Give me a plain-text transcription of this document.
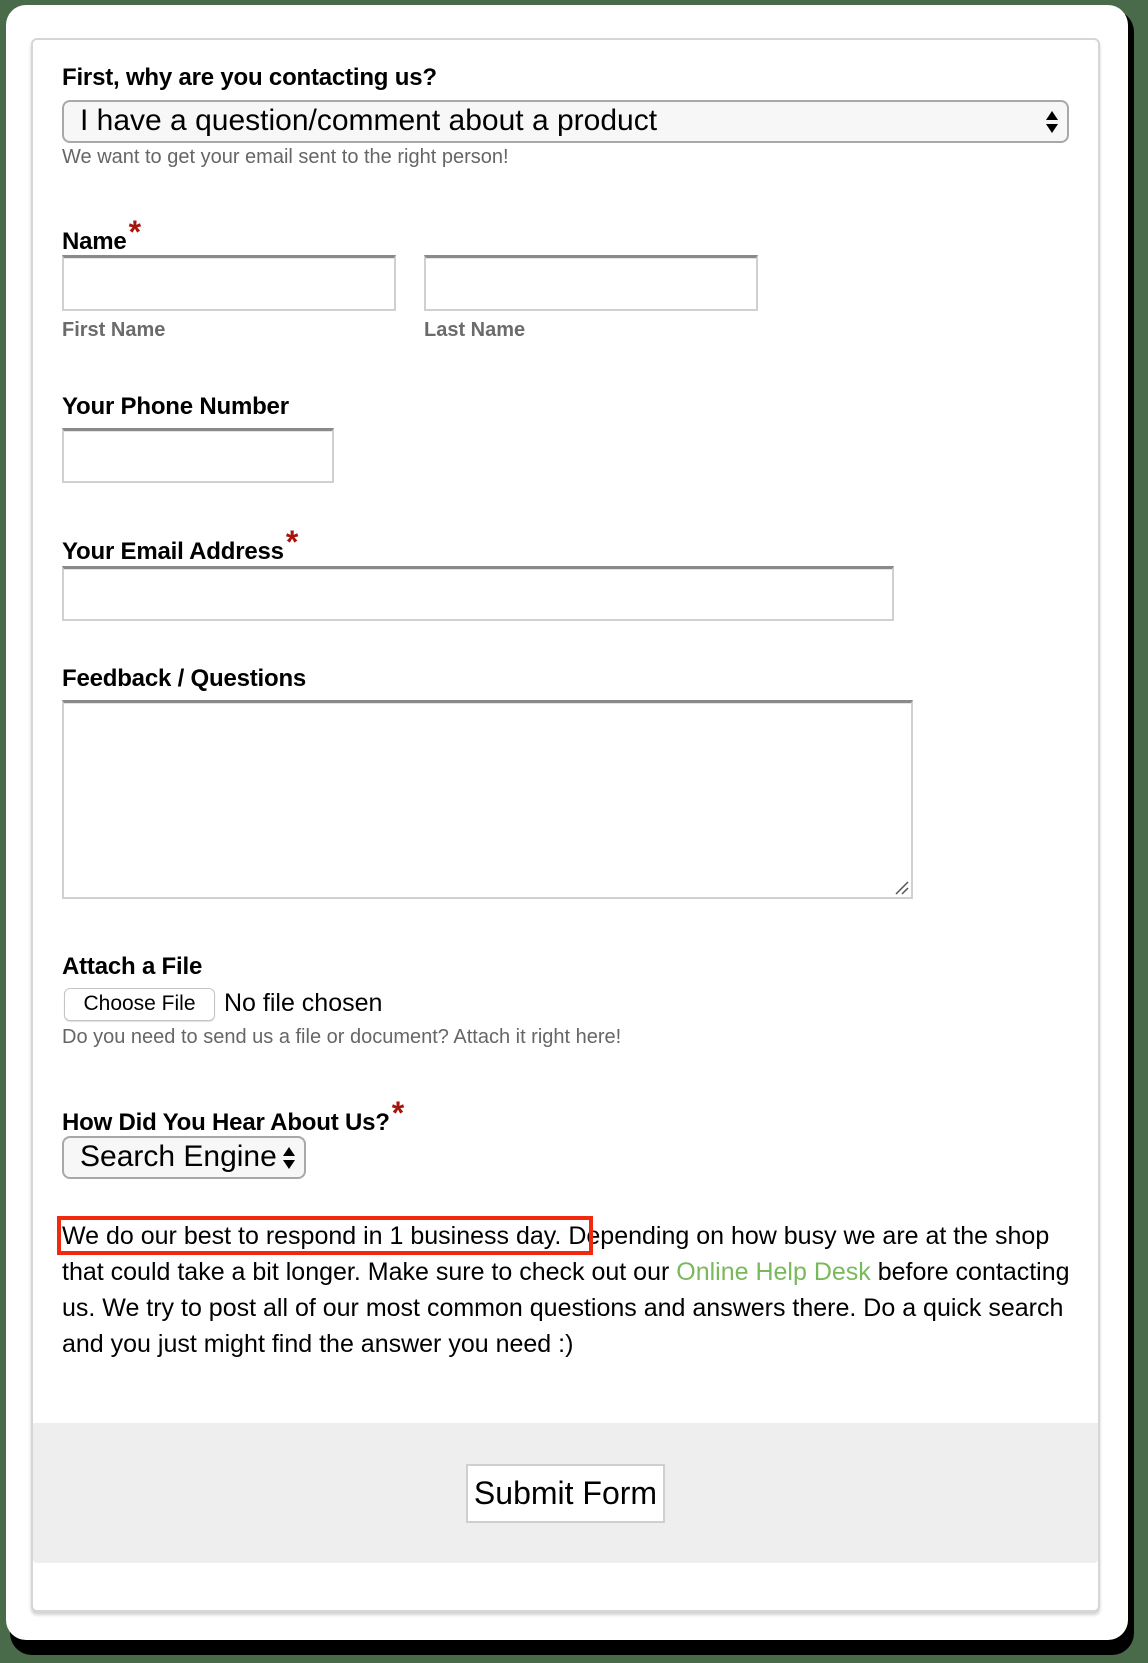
First, why are you contacting us?
I have a question/comment about a product
We want to get your email sent to the right person!
Name*
First Name	Last Name
Your Phone Number
Your Email Address*
Feedback / Questions
Attach a File
Choose File	No file chosen
Do you need to send us a file or document? Attach it right here!
How Did You Hear About Us?*
Search Engine
We do our best to respond in 1 business day. Depending on how busy we are at the shop that could take a bit longer. Make sure to check out our Online Help Desk before contacting us. We try to post all of our most common questions and answers there. Do a quick search and you just might find the answer you need :)
Submit Form
